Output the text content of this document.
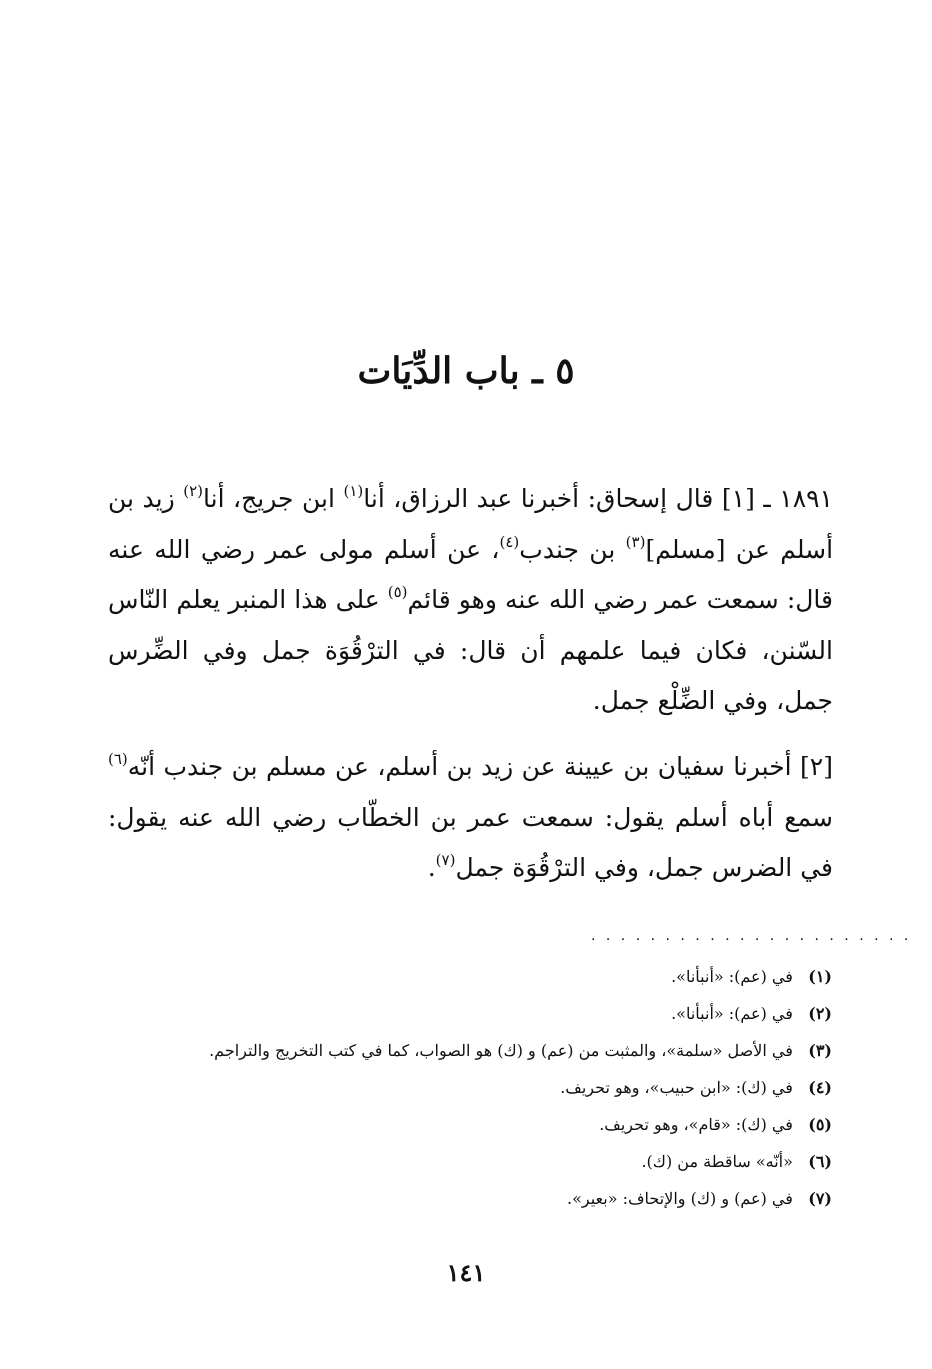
٥ ـ باب الدِّيَات
١٨٩١ ـ [١] قال إسحاق: أخبرنا عبد الرزاق، أنا$^{(١)}$ ابن جريج، أنا$^{(٢)}$ زيد بن أسلم عن [مسلم]$^{(٣)}$ بن جندب$^{(٤)}$، عن أسلم مولى عمر رضي الله عنه قال: سمعت عمر رضي الله عنه وهو قائم$^{(٥)}$ على هذا المنبر يعلم النّاس السّنن، فكان فيما علمهم أن قال: في الترْقُوَة جمل وفي الضِّرس جمل، وفي الضِّلْع جمل.
[٢] أخبرنا سفيان بن عيينة عن زيد بن أسلم، عن مسلم بن جندب أنّه$^{(٦)}$ سمع أباه أسلم يقول: سمعت عمر بن الخطّاب رضي الله عنه يقول: في الضرس جمل، وفي الترْقُوَة جمل$^{(٧)}$.
. . . . . . . . . . . . . . . . . . . . . .
(١) في (عم): «أنبأنا».
(٢) في (عم): «أنبأنا».
(٣) في الأصل «سلمة»، والمثبت من (عم) و (ك) هو الصواب، كما في كتب التخريج والتراجم.
(٤) في (ك): «ابن حبيب»، وهو تحريف.
(٥) في (ك): «قام»، وهو تحريف.
(٦) «أنّه» ساقطة من (ك).
(٧) في (عم) و (ك) والإتحاف: «بعير».
١٤١
